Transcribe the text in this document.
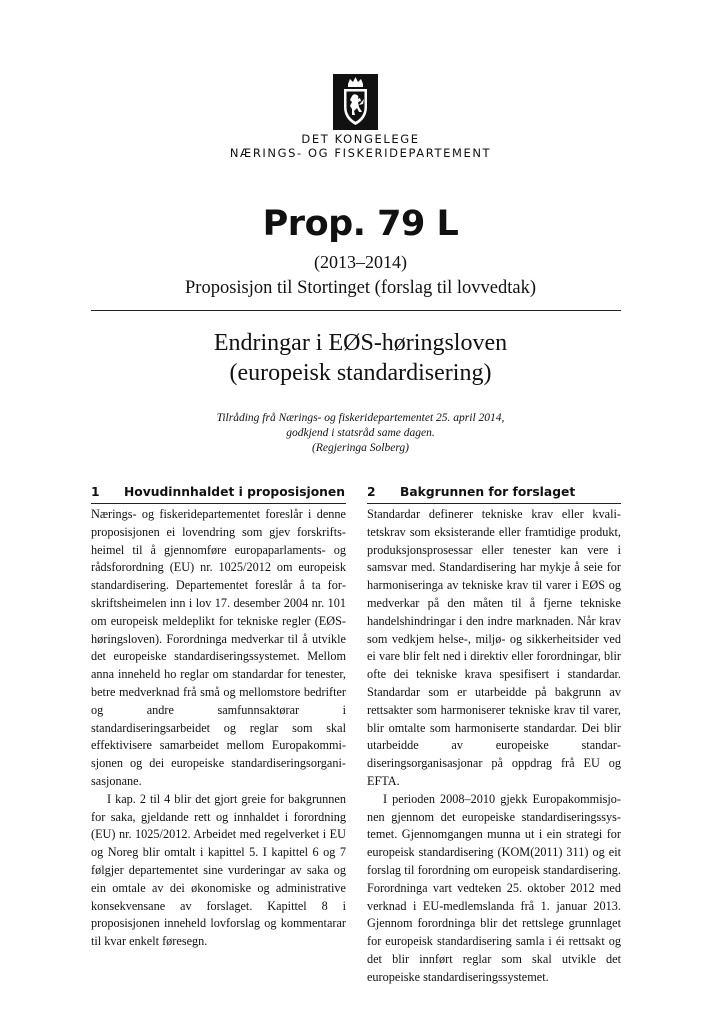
DET KONGELEGE
NÆRINGS- OG FISKERIDEPARTEMENT
Prop. 79 L
(2013–2014)
Proposisjon til Stortinget (forslag til lovvedtak)
Endringar i EØS-høringsloven
(europeisk standardisering)
Tilråding frå Nærings- og fiskeridepartementet 25. april 2014,
godkjend i statsråd same dagen.
(Regjeringa Solberg)
1 Hovudinnhaldet i proposisjonen

Nærings- og fiskeridepartementet foreslår i denne proposisjonen ei lovendring som gjev forskriftsheimel til å gjennomføre europaparlaments- og rådsforordning (EU) nr. 1025/2012 om europeisk standardisering. Departementet foreslår å ta forskriftsheimelen inn i lov 17. desember 2004 nr. 101 om europeisk meldeplikt for tekniske regler (EØS-høringsloven). Forordninga medverkar til å utvikle det europeiske standardiseringssystemet. Mellom anna inneheld ho reglar om standardar for tenester, betre medverknad frå små og mellomstore bedrifter og andre samfunnsaktørar i standardiseringsarbeidet og reglar som skal effektivisere samarbeidet mellom Europakommisjonen og dei europeiske standardiseringsorganisasjonane.

I kap. 2 til 4 blir det gjort greie for bakgrunnen for saka, gjeldande rett og innhaldet i forordning (EU) nr. 1025/2012. Arbeidet med regelverket i EU og Noreg blir omtalt i kapittel 5. I kapittel 6 og 7 følgjer departementet sine vurderingar av saka og ein omtale av dei økonomiske og administrative konsekvensane av forslaget. Kapittel 8 i proposisjonen inneheld lovforslag og kommentarar til kvar enkelt føresegn.

2 Bakgrunnen for forslaget

Standardar definerer tekniske krav eller kvalitetskrav som eksisterande eller framtidige produkt, produksjonsprosessar eller tenester kan vere i samsvar med. Standardisering har mykje å seie for harmoniseringa av tekniske krav til varer i EØS og medverkar på den måten til å fjerne tekniske handelshindringar i den indre marknaden. Når krav som vedkjem helse-, miljø- og sikkerheitsider ved ei vare blir felt ned i direktiv eller forordningar, blir ofte dei tekniske krava spesifisert i standardar. Standardar som er utarbeidde på bakgrunn av rettsakter som harmoniserer tekniske krav til varer, blir omtalte som harmoniserte standardar. Dei blir utarbeidde av europeiske standardiseringsorganisasjonar på oppdrag frå EU og EFTA.

I perioden 2008–2010 gjekk Europakommisjonen gjennom det europeiske standardiseringssystemet. Gjennomgangen munna ut i ein strategi for europeisk standardisering (KOM(2011) 311) og eit forslag til forordning om europeisk standardisering. Forordninga vart vedteken 25. oktober 2012 med verknad i EU-medlemslanda frå 1. januar 2013. Gjennom forordninga blir det rettslege grunnlaget for europeisk standardisering samla i éi rettsakt og det blir innført reglar som skal utvikle det europeiske standardiseringssystemet.
